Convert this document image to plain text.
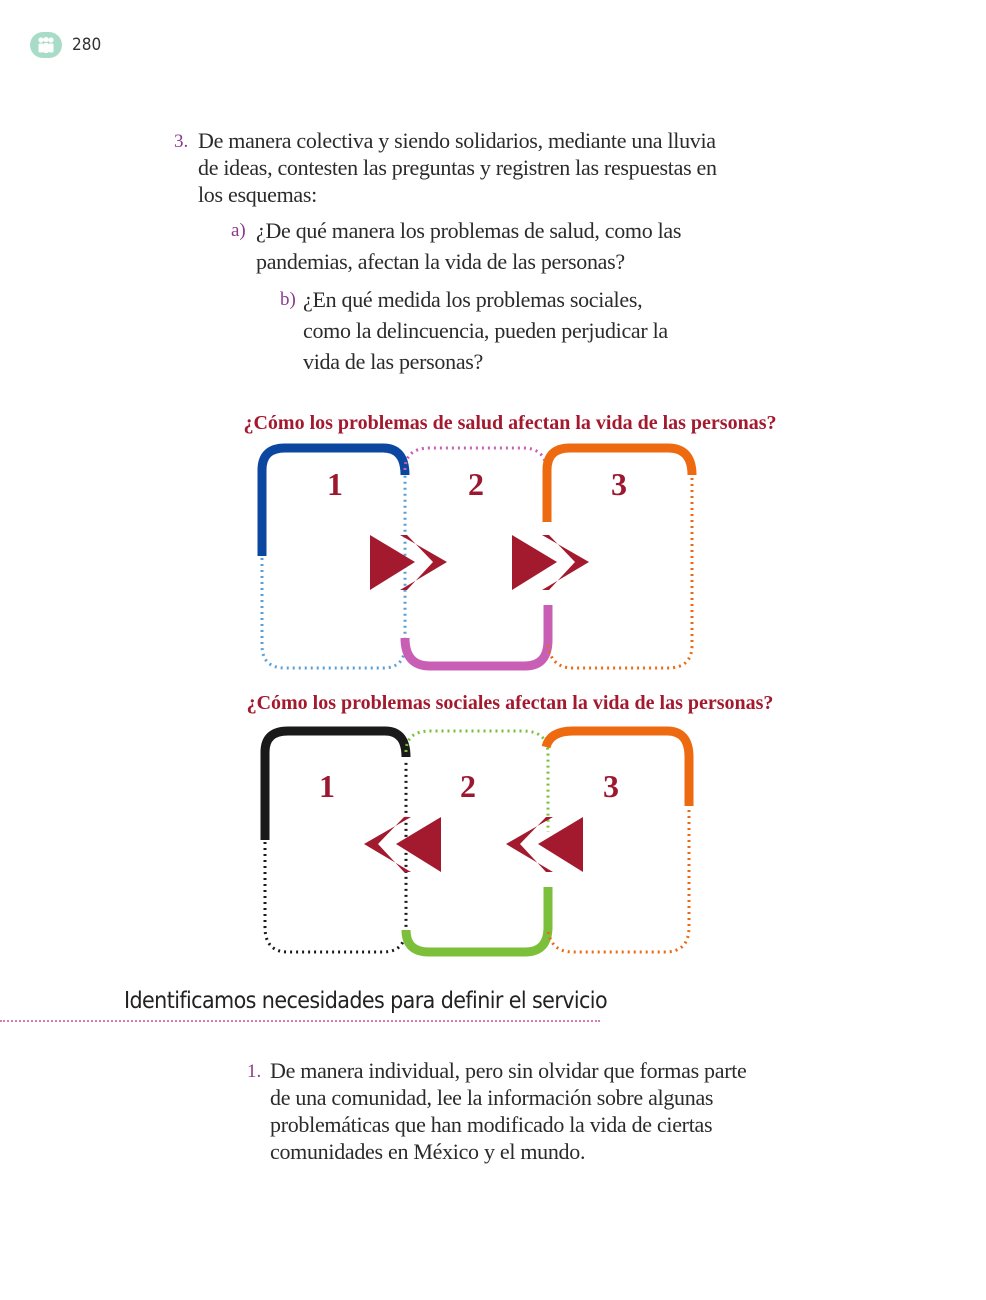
280
3. De manera colectiva y siendo solidarios, mediante una lluvia
de ideas, contesten las preguntas y registren las respuestas en
los esquemas:
a) ¿De qué manera los problemas de salud, como las
pandemias, afectan la vida de las personas?
b) ¿En qué medida los problemas sociales,
como la delincuencia, pueden perjudicar la
vida de las personas?
¿Cómo los problemas de salud afectan la vida de las personas?
1	2	3
¿Cómo los problemas sociales afectan la vida de las personas?
1	2	3
Identificamos necesidades para definir el servicio
1. De manera individual, pero sin olvidar que formas parte
de una comunidad, lee la información sobre algunas
problemáticas que han modificado la vida de ciertas
comunidades en México y el mundo.
